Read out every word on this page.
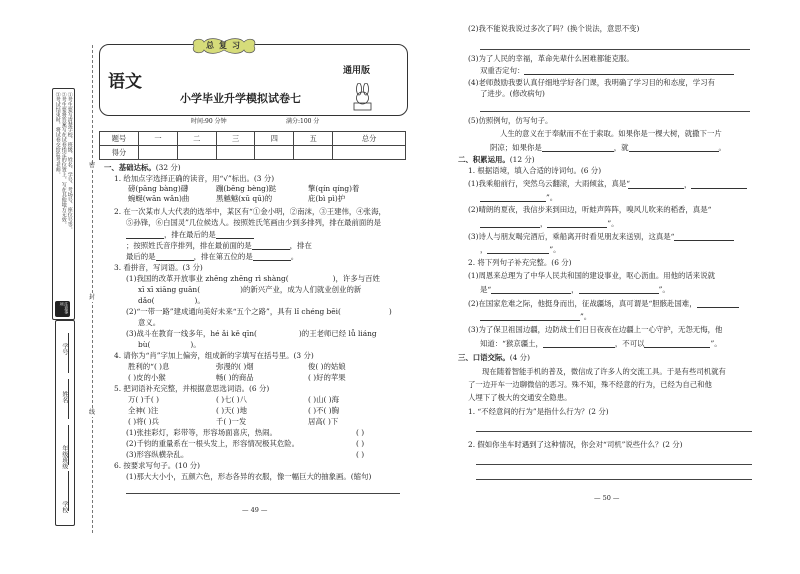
①考生要写清楚学校、班级、姓名、学号、考场号、座位号等。
②考生要将答案写在试卷指定的位置上，写在其他地方无效。
③考试结束时，将试卷交给监考老师。
注意事项
学号
姓名
年级班级
学校
密
封
线
语文
通用版
小学毕业升学模拟试卷七
总复习
时间:90 分钟	满分:100 分
题号	一	二	三	四	五	总分
得分						
一、基础达标。(32 分)
1. 给加点字选择正确的读音，用“√”标出。(3 分)
磅(pāng bàng)礴	蹦(bēng bèng)跶	擎(qín qíng)着
蜿蜒(wān wǎn)曲	黑魆魆(xū qū)的	庇(bì pì)护
2. 在一次某市人大代表的选举中，某区有“①金小明，②南沫，③王建伟，④张海，
⑤孙锋，⑥白国灵”几位候选人。按照姓氏笔画由少到多排列，排在最前面的是
，排在最后的是
；按照姓氏音序排列，排在最前面的是	，排在
最后的是	，排在第五位的是	。
3. 看拼音，写词语。(3 分)
(1)我国的改革开放事业 zhēng zhēng rì shàng(	)，许多与百姓
xī xī xiāng guān(	)的新兴产业，成为人们就业创业的新
dǎo(	)。
(2)“一带一路”建成通向美好未来“五个之路”，具有 lǐ chéng bēi(	)
意义。
(3)战斗在教育一线多年，hé ǎi kě qīn(	)的王老师已经 lǚ liáng
bù(	)。
4. 请你为“肖”字加上偏旁，组成新的字填写在括号里。(3 分)
胜利的“( )息	弥漫的( )烟	俊( )的姑娘
( )皮的小猴	畅( )的商品	( )好的苹果
5. 把词语补充完整，并根据意思选词语。(6 分)
万( )千( )	( )七( )八	( )山( )海
全神( )注	( )天( )地	( )不( )胸
( )将( )兵	千( )一发	居高( )下
(1)张挂彩灯，彩带等，形容场面喜庆，热闹。	( )
(2)千钧的重量系在一根头发上，形容情况极其危险。	( )
(3)形容纵横杂乱。	( )
6. 按要求写句子。(10 分)
(1)那大大小小，五颜六色，形态各异的衣服，像一幅巨大的抽象画。(缩句)
— 49 —
(2)我不能说我说过多次了吗？(换个说法，意思不变)
(3)为了人民的幸福，革命先辈什么困难都能克服。
双重否定句：
(4)老师鼓励我要认真仔细地学好各门课，我明确了学习目的和态度，学习有
了进步。(修改病句)
(5)仿照例句，仿写句子。
人生的意义在于奉献而不在于索取。如果你是一棵大树，就撒下一片
阴凉；如果你是	，就	。
二、积累运用。(12 分)
1. 根据语境，填入合适的诗词句。(6 分)
(1)我乘船前行，突然乌云翻滚，大雨倾盆，真是“	，
”。
(2)晴朗的夏夜，我信步来到田边，听蛙声阵阵，嗅风儿吹来的稻香，真是“
，	”。
(3)诗人与朋友喝完酒后，乘船离开时看见朋友来送别，这真是“
，	”。
2. 将下列句子补充完整。(6 分)
(1)周恩来总理为了中华人民共和国的建设事业，呕心沥血。用他的话来说就
是“	，	”。
(2)在国家危难之际，他挺身而出，征战疆场，真可谓是“胆骸赴国难，
”。
(3)为了保卫祖国边疆，边防战士们日日夜夜在边疆上一心守护，无怨无悔，他
知道：“猴京疆土，	，不可以	”。
三、口语交际。(4 分)
现在随着智能手机的普及，微信成了许多人的交流工具。于是有些司机就有
了一边开车一边聊微信的恶习。殊不知，殊不经意的行为，已经为自己和他
人埋下了极大的交通安全隐患。
1. “不经意间的行为”是指什么行为？(2 分)
2. 假如你坐车时遇到了这种情况，你会对“司机”说些什么？(2 分)
— 50 —
